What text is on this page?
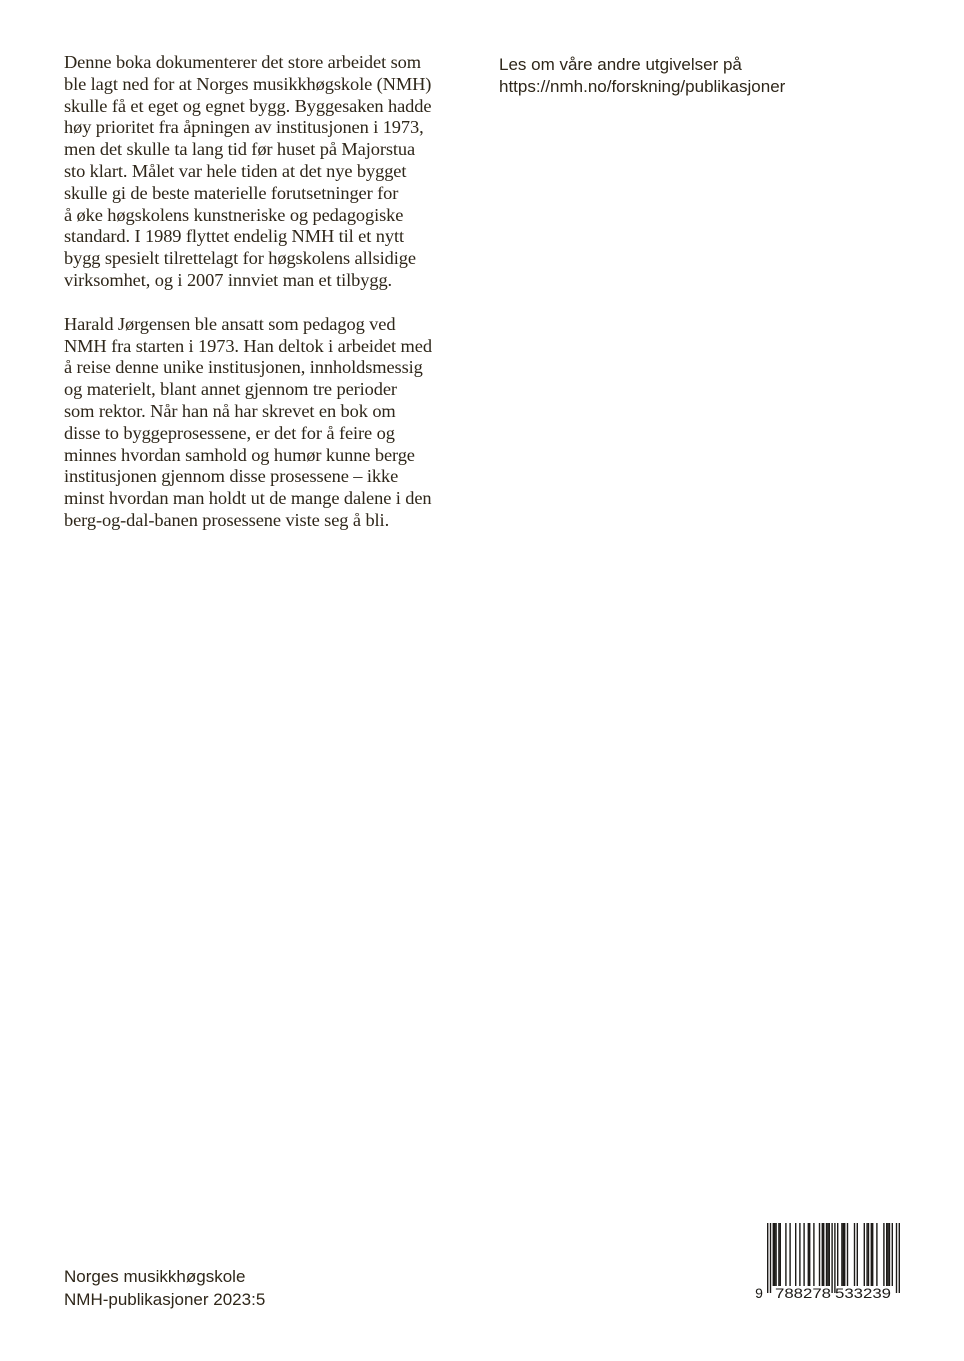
Denne boka dokumenterer det store arbeidet som
ble lagt ned for at Norges musikkhøgskole (NMH)
skulle få et eget og egnet bygg. Byggesaken hadde
høy prioritet fra åpningen av institusjonen i 1973,
men det skulle ta lang tid før huset på Majorstua
sto klart. Målet var hele tiden at det nye bygget
skulle gi de beste materielle forutsetninger for
å øke høgskolens kunstneriske og pedagogiske
standard. I 1989 flyttet endelig NMH til et nytt
bygg spesielt tilrettelagt for høgskolens allsidige
virksomhet, og i 2007 innviet man et tilbygg.

Harald Jørgensen ble ansatt som pedagog ved
NMH fra starten i 1973. Han deltok i arbeidet med
å reise denne unike institusjonen, innholdsmessig
og materielt, blant annet gjennom tre perioder
som rektor. Når han nå har skrevet en bok om
disse to byggeprosessene, er det for å feire og
minnes hvordan samhold og humør kunne berge
institusjonen gjennom disse prosessene – ikke
minst hvordan man holdt ut de mange dalene i den
berg-og-dal-banen prosessene viste seg å bli.

Les om våre andre utgivelser på
https://nmh.no/forskning/publikasjoner
Norges musikkhøgskole
NMH-publikasjoner 2023:5	9 788278 533239
